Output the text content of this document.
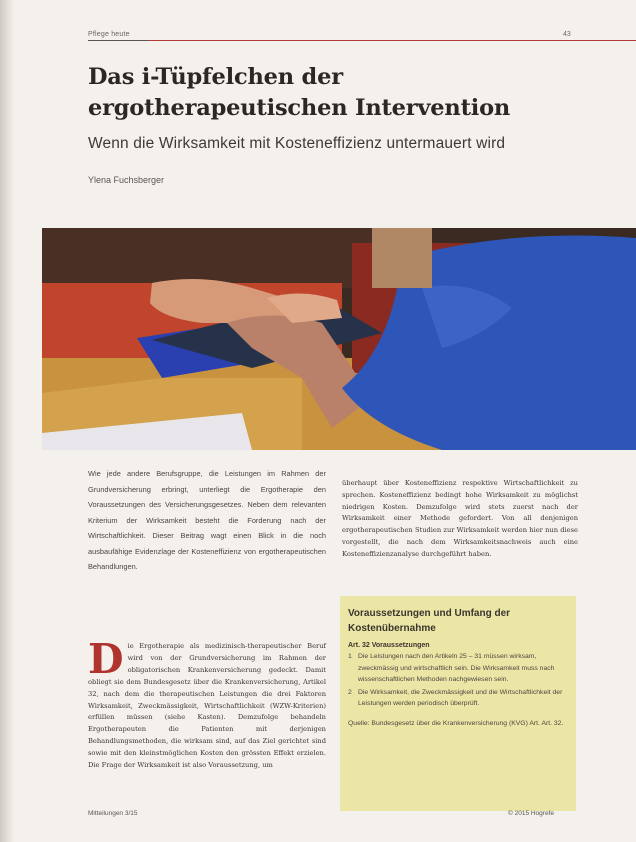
Pflege heute	43
Das i-Tüpfelchen der ergotherapeutischen Intervention
Wenn die Wirksamkeit mit Kosteneffizienz untermauert wird
Ylena Fuchsberger
Wie jede andere Berufsgruppe, die Leistungen im Rahmen der Grundversicherung erbringt, unterliegt die Ergotherapie den Voraussetzungen des Versicherungsgesetzes. Neben dem relevanten Kriterium der Wirksamkeit besteht die Forderung nach der Wirtschaftlichkeit. Dieser Beitrag wagt einen Blick in die noch ausbaufähige Evidenzlage der Kosteneffizienz von ergotherapeutischen Behandlungen.
Die Ergotherapie als medizinisch-therapeutischer Beruf wird von der Grundversicherung im Rahmen der obligatorischen Krankenversicherung gedeckt. Damit obliegt sie dem Bundesgesetz über die Krankenversicherung, Artikel 32, nach dem die therapeutischen Leistungen die drei Faktoren Wirksamkeit, Zweckmässigkeit, Wirtschaftlichkeit (WZW-Kriterien) erfüllen müssen (siehe Kasten). Demzufolge behandeln Ergotherapeuten die Patienten mit derjenigen Behandlungsmethoden, die wirksam sind, auf das Ziel gerichtet sind sowie mit den kleinstmöglichen Kosten den grössten Effekt erzielen. Die Frage der Wirksamkeit ist also Voraussetzung, um
überhaupt über Kosteneffizienz respektive Wirtschaftlichkeit zu sprechen. Kosteneffizienz bedingt hohe Wirksamkeit zu möglichst niedrigen Kosten. Demzufolge wird stets zuerst nach der Wirksamkeit einer Methode gefordert. Von all denjenigen ergotherapeutischen Studien zur Wirksamkeit werden hier nun diese vorgestellt, die nach dem Wirksamkeitsnachweis auch eine Kosteneffizienzanalyse durchgeführt haben.
Voraussetzungen und Umfang der Kostenübernahme
Art. 32 Voraussetzungen
1 Die Leistungen nach den Artikeln 25 – 31 müssen wirksam, zweckmässig und wirtschaftlich sein. Die Wirksamkeit muss nach wissenschaftlichen Methoden nachgewiesen sein.
2 Die Wirksamkeit, die Zweckmässigkeit und die Wirtschaftlichkeit der Leistungen werden periodisch überprüft.
Quelle: Bundesgesetz über die Krankenversicherung (KVG) Art. Art. 32.
Mitteilungen 3/15	© 2015 Hogrefe
